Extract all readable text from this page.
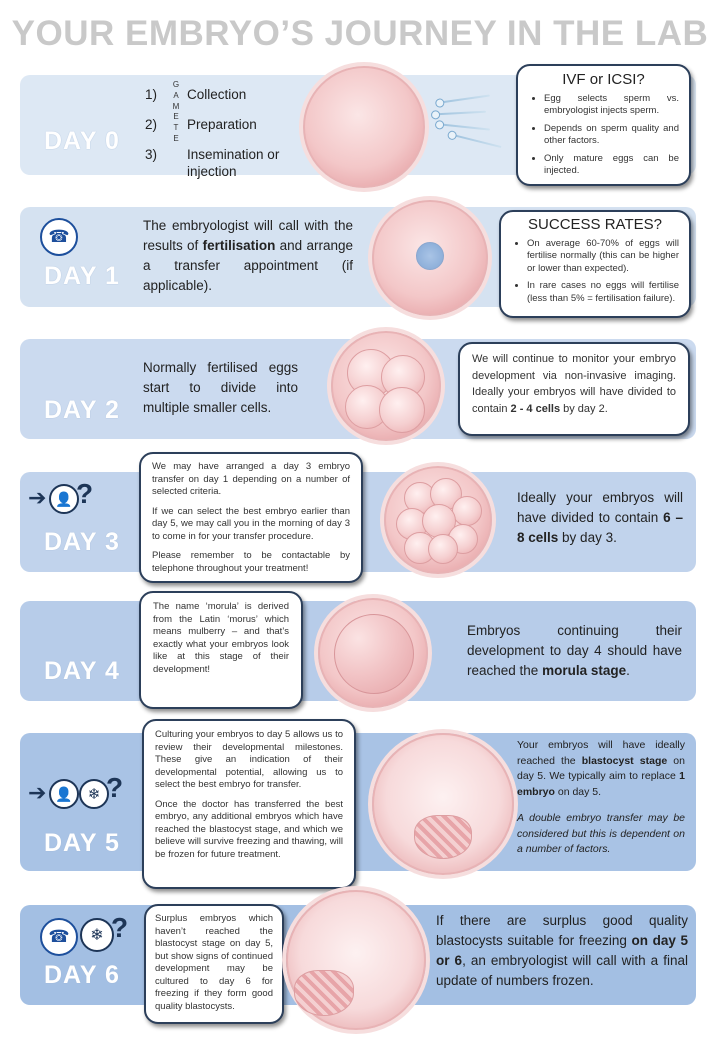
YOUR EMBRYO’S JOURNEY IN THE LAB
DAY 0
1) Collection
2) Preparation
3) Insemination or injection
G
A
M
E
T
E
IVF or ICSI?
• Egg selects sperm vs. embryologist injects sperm.
• Depends on sperm quality and other factors.
• Only mature eggs can be injected.
☎
DAY 1
The embryologist will call with the results of fertilisation and arrange a transfer appointment (if applicable).
SUCCESS RATES?
• On average 60-70% of eggs will fertilise normally (this can be higher or lower than expected).
• In rare cases no eggs will fertilise (less than 5% = fertilisation failure).
DAY 2
Normally fertilised eggs start to divide into multiple smaller cells.

We will continue to monitor your embryo development via non-invasive imaging. Ideally your embryos will have divided to contain 2 - 4 cells by day 2.

➔ 👤 ?
DAY 3

We may have arranged a day 3 embryo transfer on day 1 depending on a number of selected criteria.

If we can select the best embryo earlier than day 5, we may call you in the morning of day 3 to come in for your transfer procedure.

Please remember to be contactable by telephone throughout your treatment!

Ideally your embryos will have divided to contain 6 – 8 cells by day 3.
DAY 4

The name ‘morula’ is derived from the Latin ‘morus’ which means mulberry – and that’s exactly what your embryos look like at this stage of their development!

Embryos continuing their development to day 4 should have reached the morula stage.
➔ 👤 ❄ ?
DAY 5

Culturing your embryos to day 5 allows us to review their developmental milestones. These give an indication of their developmental potential, allowing us to select the best embryo for transfer.

Once the doctor has transferred the best embryo, any additional embryos which have reached the blastocyst stage, and which we believe will survive freezing and thawing, will be frozen for future treatment.

Your embryos will have ideally reached the blastocyst stage on day 5. We typically aim to replace 1 embryo on day 5.
A double embryo transfer may be considered but this is dependent on a number of factors.
☎	❄ ?
DAY 6

Surplus embryos which haven’t reached the blastocyst stage on day 5, but show signs of continued development may be cultured to day 6 for freezing if they form good quality blastocysts.

If there are surplus good quality blastocysts suitable for freezing on day 5 or 6, an embryologist will call with a final update of numbers frozen.
